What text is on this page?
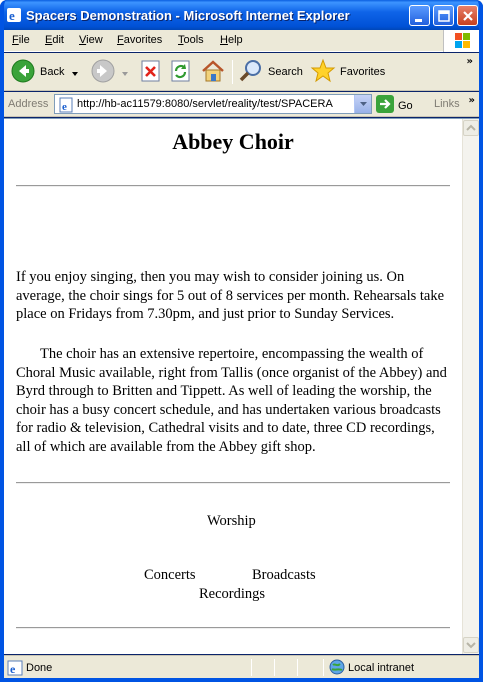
e Spacers Demonstration - Microsoft Internet Explorer
File Edit View Favorites Tools Help
Back	Search	Favorites
»
Address e http://hb-ac11579:8080/servlet/reality/test/SPACERA	Go Links »
Abbey Choir

If you enjoy singing, then you may wish to consider joining us. On average, the choir sings for 5 out of 8 services per month. Rehearsals take place on Fridays from 7.30pm, and just prior to Sunday Services.

The choir has an extensive repertoire, encompassing the wealth of Choral Music available, right from Tallis (once organist of the Abbey) and Byrd through to Britten and Tippett. As well of leading the worship, the choir has a busy concert schedule, and has undertaken various broadcasts for radio & television, Cathedral visits and to date, three CD recordings, all of which are available from the Abbey gift shop.

Worship
Concerts	Broadcasts
Recordings
e Done	Local intranet
